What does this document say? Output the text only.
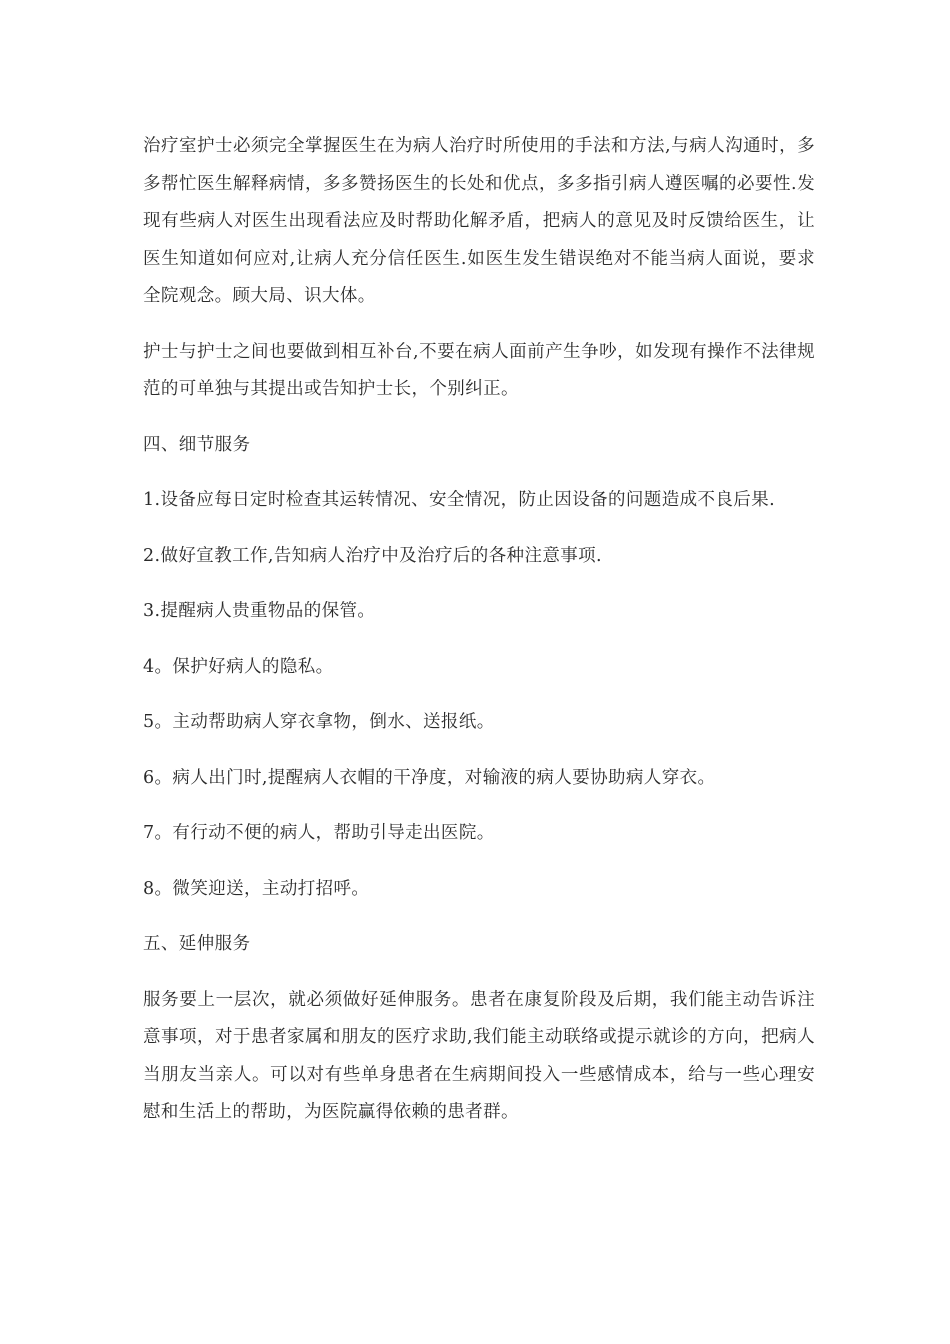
治疗室护士必须完全掌握医生在为病人治疗时所使用的手法和方法,与病人沟通时，多多帮忙医生解释病情，多多赞扬医生的长处和优点，多多指引病人遵医嘱的必要性.发现有些病人对医生出现看法应及时帮助化解矛盾，把病人的意见及时反馈给医生，让医生知道如何应对,让病人充分信任医生.如医生发生错误绝对不能当病人面说，要求全院观念。顾大局、识大体。

护士与护士之间也要做到相互补台,不要在病人面前产生争吵，如发现有操作不法律规范的可单独与其提出或告知护士长，个别纠正。

四、细节服务

1.设备应每日定时检查其运转情况、安全情况，防止因设备的问题造成不良后果.

2.做好宣教工作,告知病人治疗中及治疗后的各种注意事项.

3.提醒病人贵重物品的保管。

4。保护好病人的隐私。

5。主动帮助病人穿衣拿物，倒水、送报纸。

6。病人出门时,提醒病人衣帽的干净度，对输液的病人要协助病人穿衣。

7。有行动不便的病人，帮助引导走出医院。

8。微笑迎送，主动打招呼。

五、延伸服务

服务要上一层次，就必须做好延伸服务。患者在康复阶段及后期，我们能主动告诉注意事项，对于患者家属和朋友的医疗求助,我们能主动联络或提示就诊的方向，把病人当朋友当亲人。可以对有些单身患者在生病期间投入一些感情成本，给与一些心理安慰和生活上的帮助，为医院赢得依赖的患者群。
